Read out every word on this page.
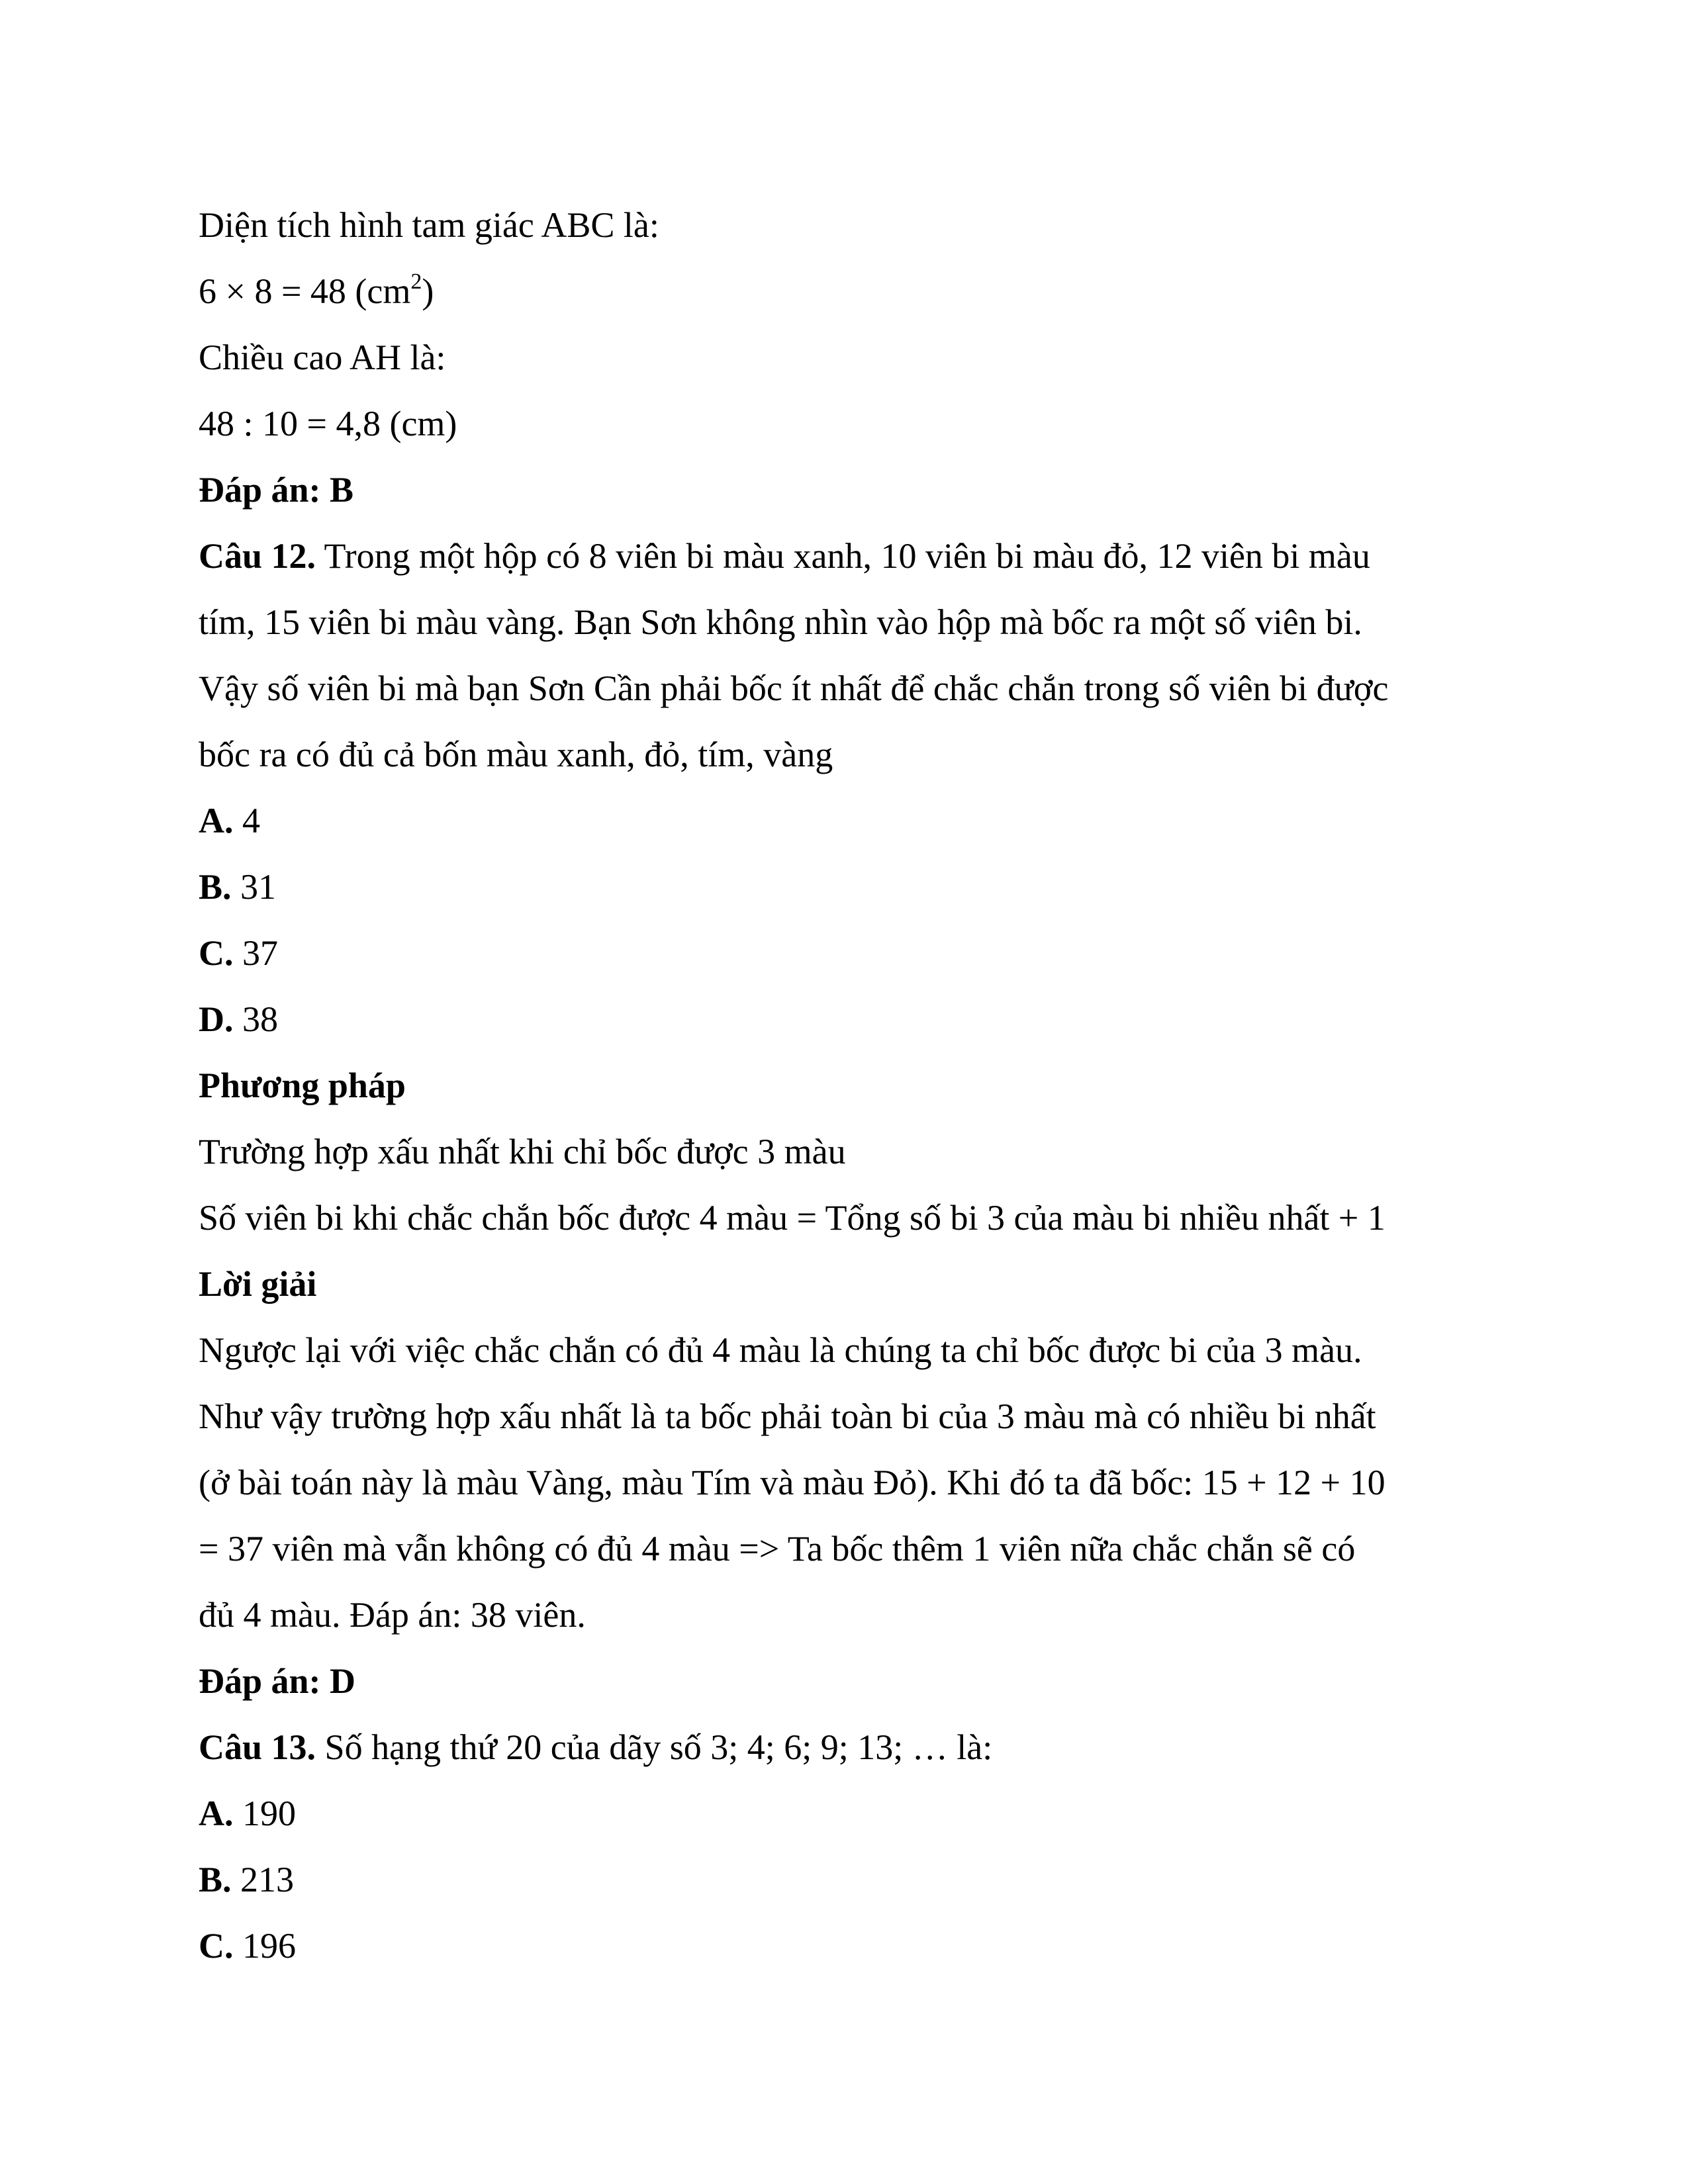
Diện tích hình tam giác ABC là:
6 × 8 = 48 $(cm^2)$
Chiều cao AH là:
48 : 10 = 4,8 (cm)
Đáp án: B
Câu 12. Trong một hộp có 8 viên bi màu xanh, 10 viên bi màu đỏ, 12 viên bi màu
tím, 15 viên bi màu vàng. Bạn Sơn không nhìn vào hộp mà bốc ra một số viên bi.
Vậy số viên bi mà bạn Sơn Cần phải bốc ít nhất để chắc chắn trong số viên bi được
bốc ra có đủ cả bốn màu xanh, đỏ, tím, vàng
A. 4
B. 31
C. 37
D. 38
Phương pháp
Trường hợp xấu nhất khi chỉ bốc được 3 màu
Số viên bi khi chắc chắn bốc được 4 màu = Tổng số bi 3 của màu bi nhiều nhất + 1
Lời giải
Ngược lại với việc chắc chắn có đủ 4 màu là chúng ta chỉ bốc được bi của 3 màu.
Như vậy trường hợp xấu nhất là ta bốc phải toàn bi của 3 màu mà có nhiều bi nhất
(ở bài toán này là màu Vàng, màu Tím và màu Đỏ). Khi đó ta đã bốc: 15 + 12 + 10
= 37 viên mà vẫn không có đủ 4 màu => Ta bốc thêm 1 viên nữa chắc chắn sẽ có
đủ 4 màu. Đáp án: 38 viên.
Đáp án: D
Câu 13. Số hạng thứ 20 của dãy số 3; 4; 6; 9; 13; … là:
A. 190
B. 213
C. 196
